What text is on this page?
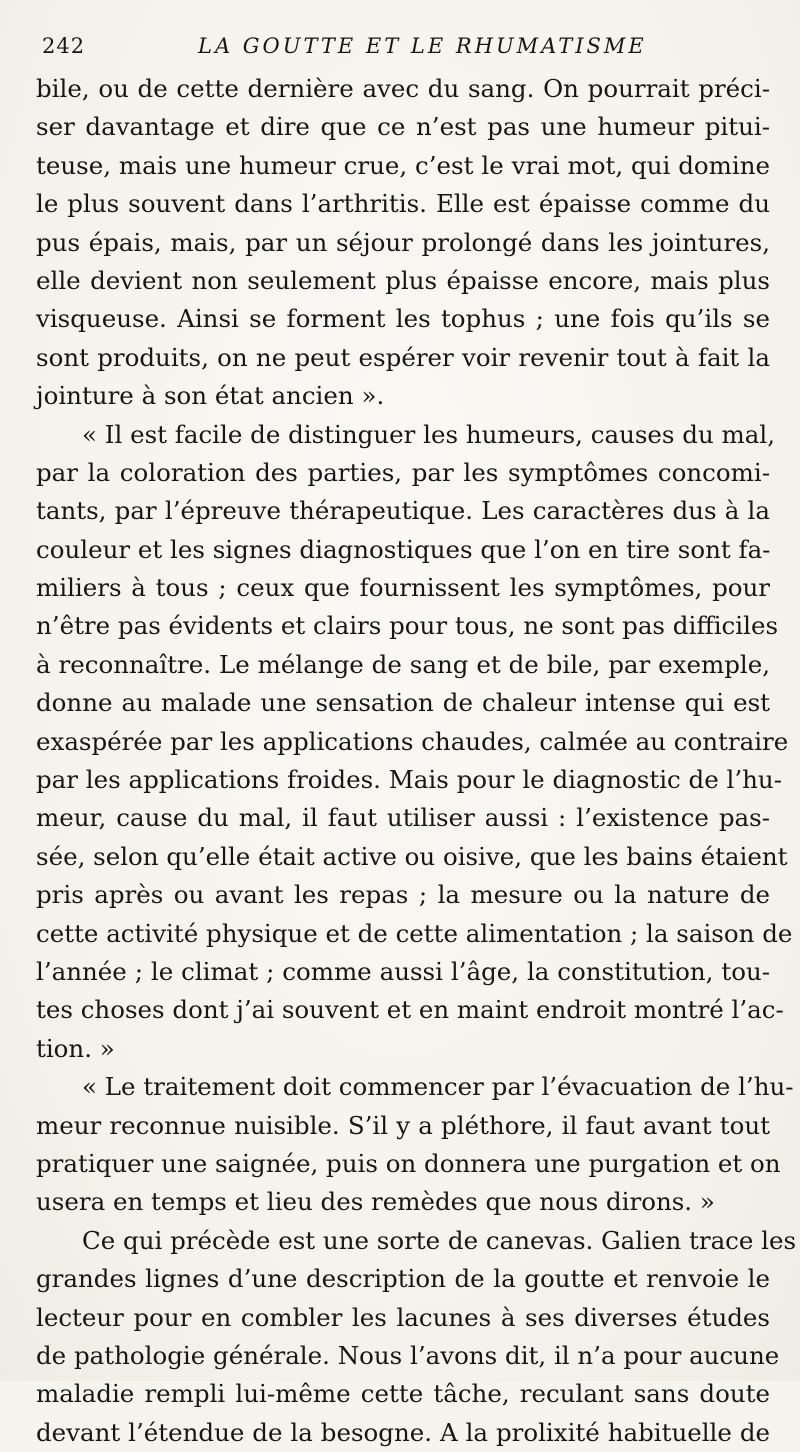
242	LA GOUTTE ET LE RHUMATISME
bile, ou de cette dernière avec du sang. On pourrait préci-
ser davantage et dire que ce n’est pas une humeur pitui-
teuse, mais une humeur crue, c’est le vrai mot, qui domine
le plus souvent dans l’arthritis. Elle est épaisse comme du
pus épais, mais, par un séjour prolongé dans les jointures,
elle devient non seulement plus épaisse encore, mais plus
visqueuse. Ainsi se forment les tophus ; une fois qu’ils se
sont produits, on ne peut espérer voir revenir tout à fait la
jointure à son état ancien ».
« Il est facile de distinguer les humeurs, causes du mal,
par la coloration des parties, par les symptômes concomi-
tants, par l’épreuve thérapeutique. Les caractères dus à la
couleur et les signes diagnostiques que l’on en tire sont fa-
miliers à tous ; ceux que fournissent les symptômes, pour
n’être pas évidents et clairs pour tous, ne sont pas difficiles
à reconnaître. Le mélange de sang et de bile, par exemple,
donne au malade une sensation de chaleur intense qui est
exaspérée par les applications chaudes, calmée au contraire
par les applications froides. Mais pour le diagnostic de l’hu-
meur, cause du mal, il faut utiliser aussi : l’existence pas-
sée, selon qu’elle était active ou oisive, que les bains étaient
pris après ou avant les repas ; la mesure ou la nature de
cette activité physique et de cette alimentation ; la saison de
l’année ; le climat ; comme aussi l’âge, la constitution, tou-
tes choses dont j’ai souvent et en maint endroit montré l’ac-
tion. »
« Le traitement doit commencer par l’évacuation de l’hu-
meur reconnue nuisible. S’il y a pléthore, il faut avant tout
pratiquer une saignée, puis on donnera une purgation et on
usera en temps et lieu des remèdes que nous dirons. »
Ce qui précède est une sorte de canevas. Galien trace les
grandes lignes d’une description de la goutte et renvoie le
lecteur pour en combler les lacunes à ses diverses études
de pathologie générale. Nous l’avons dit, il n’a pour aucune
maladie rempli lui-même cette tâche, reculant sans doute
devant l’étendue de la besogne. A la prolixité habituelle de
